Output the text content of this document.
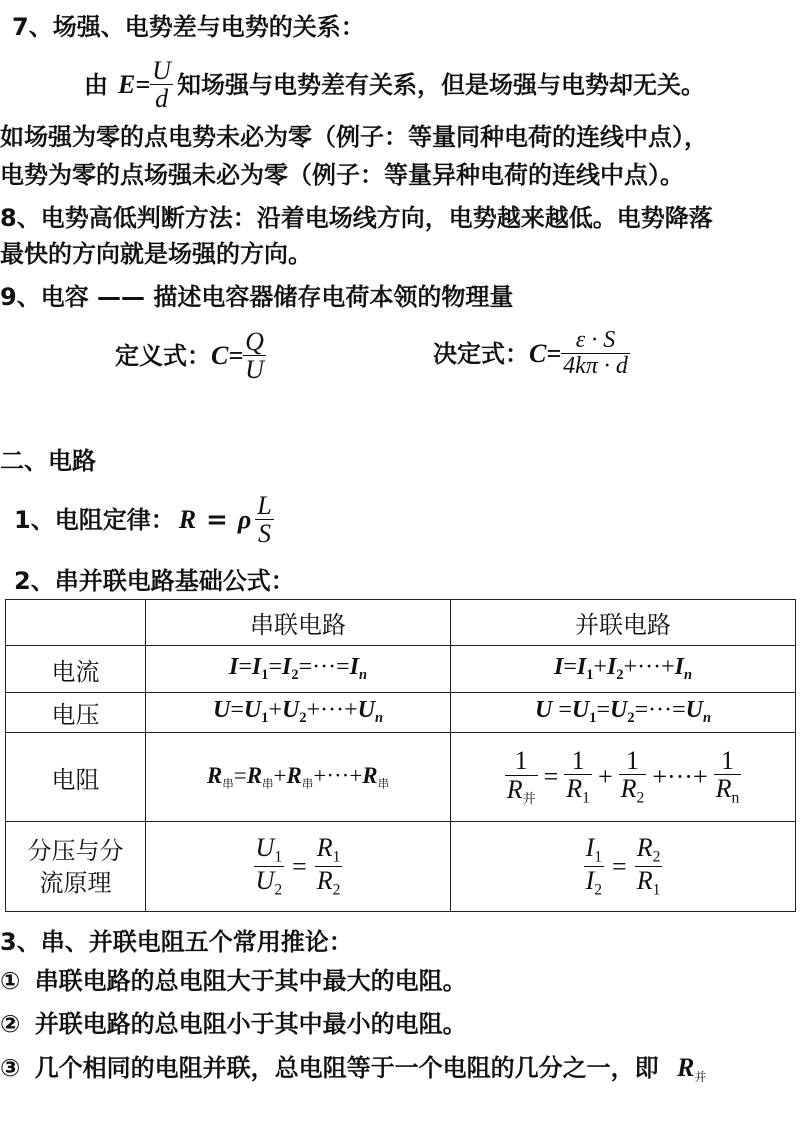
7、场强、电势差与电势的关系：
由 $E= \frac{U}{d}$ 知场强与电势差有关系，但是场强与电势却无关。
如场强为零的点电势未必为零（例子：等量同种电荷的连线中点），
电势为零的点场强未必为零（例子：等量异种电荷的连线中点）。
8、电势高低判断方法：沿着电场线方向，电势越来越低。电势降落
最快的方向就是场强的方向。
9、电容 —— 描述电容器储存电荷本领的物理量
定义式： $C= \frac{Q}{U}$	决定式： $C= \frac{\varepsilon \cdot S}{4k\pi \cdot d}$
二、电路
1、电阻定律： R = ρ $\frac{L}{S}$
2、串并联电路基础公式：
	串联电路	并联电路
电流	$I=I_1=I_2=\cdot\cdot\cdot=I_n$	$I=I_1+I_2+\cdot\cdot\cdot+I_n$
电压	$U=U_1+U_2+\cdot\cdot\cdot+U_n$	$U =U_1=U_2=\cdot\cdot\cdot=U_n$
电阻	$R_串=R_串+R_串+\cdot\cdot\cdot+R_串$	$\frac{1}{R_并} = \frac{1}{R_1} + \frac{1}{R_2}$ +···+ $\frac{1}{R_n}$

分压与分
流原理	$\frac{U_1}{U_2} = \frac{R_1}{R_2}$	$\frac{I_1}{I_2} = \frac{R_2}{R_1}$
3、串、并联电阻五个常用推论：
① 串联电路的总电阻大于其中最大的电阻。
② 并联电路的总电阻小于其中最小的电阻。
③ 几个相同的电阻并联，总电阻等于一个电阻的几分之一，即 $R_并$
